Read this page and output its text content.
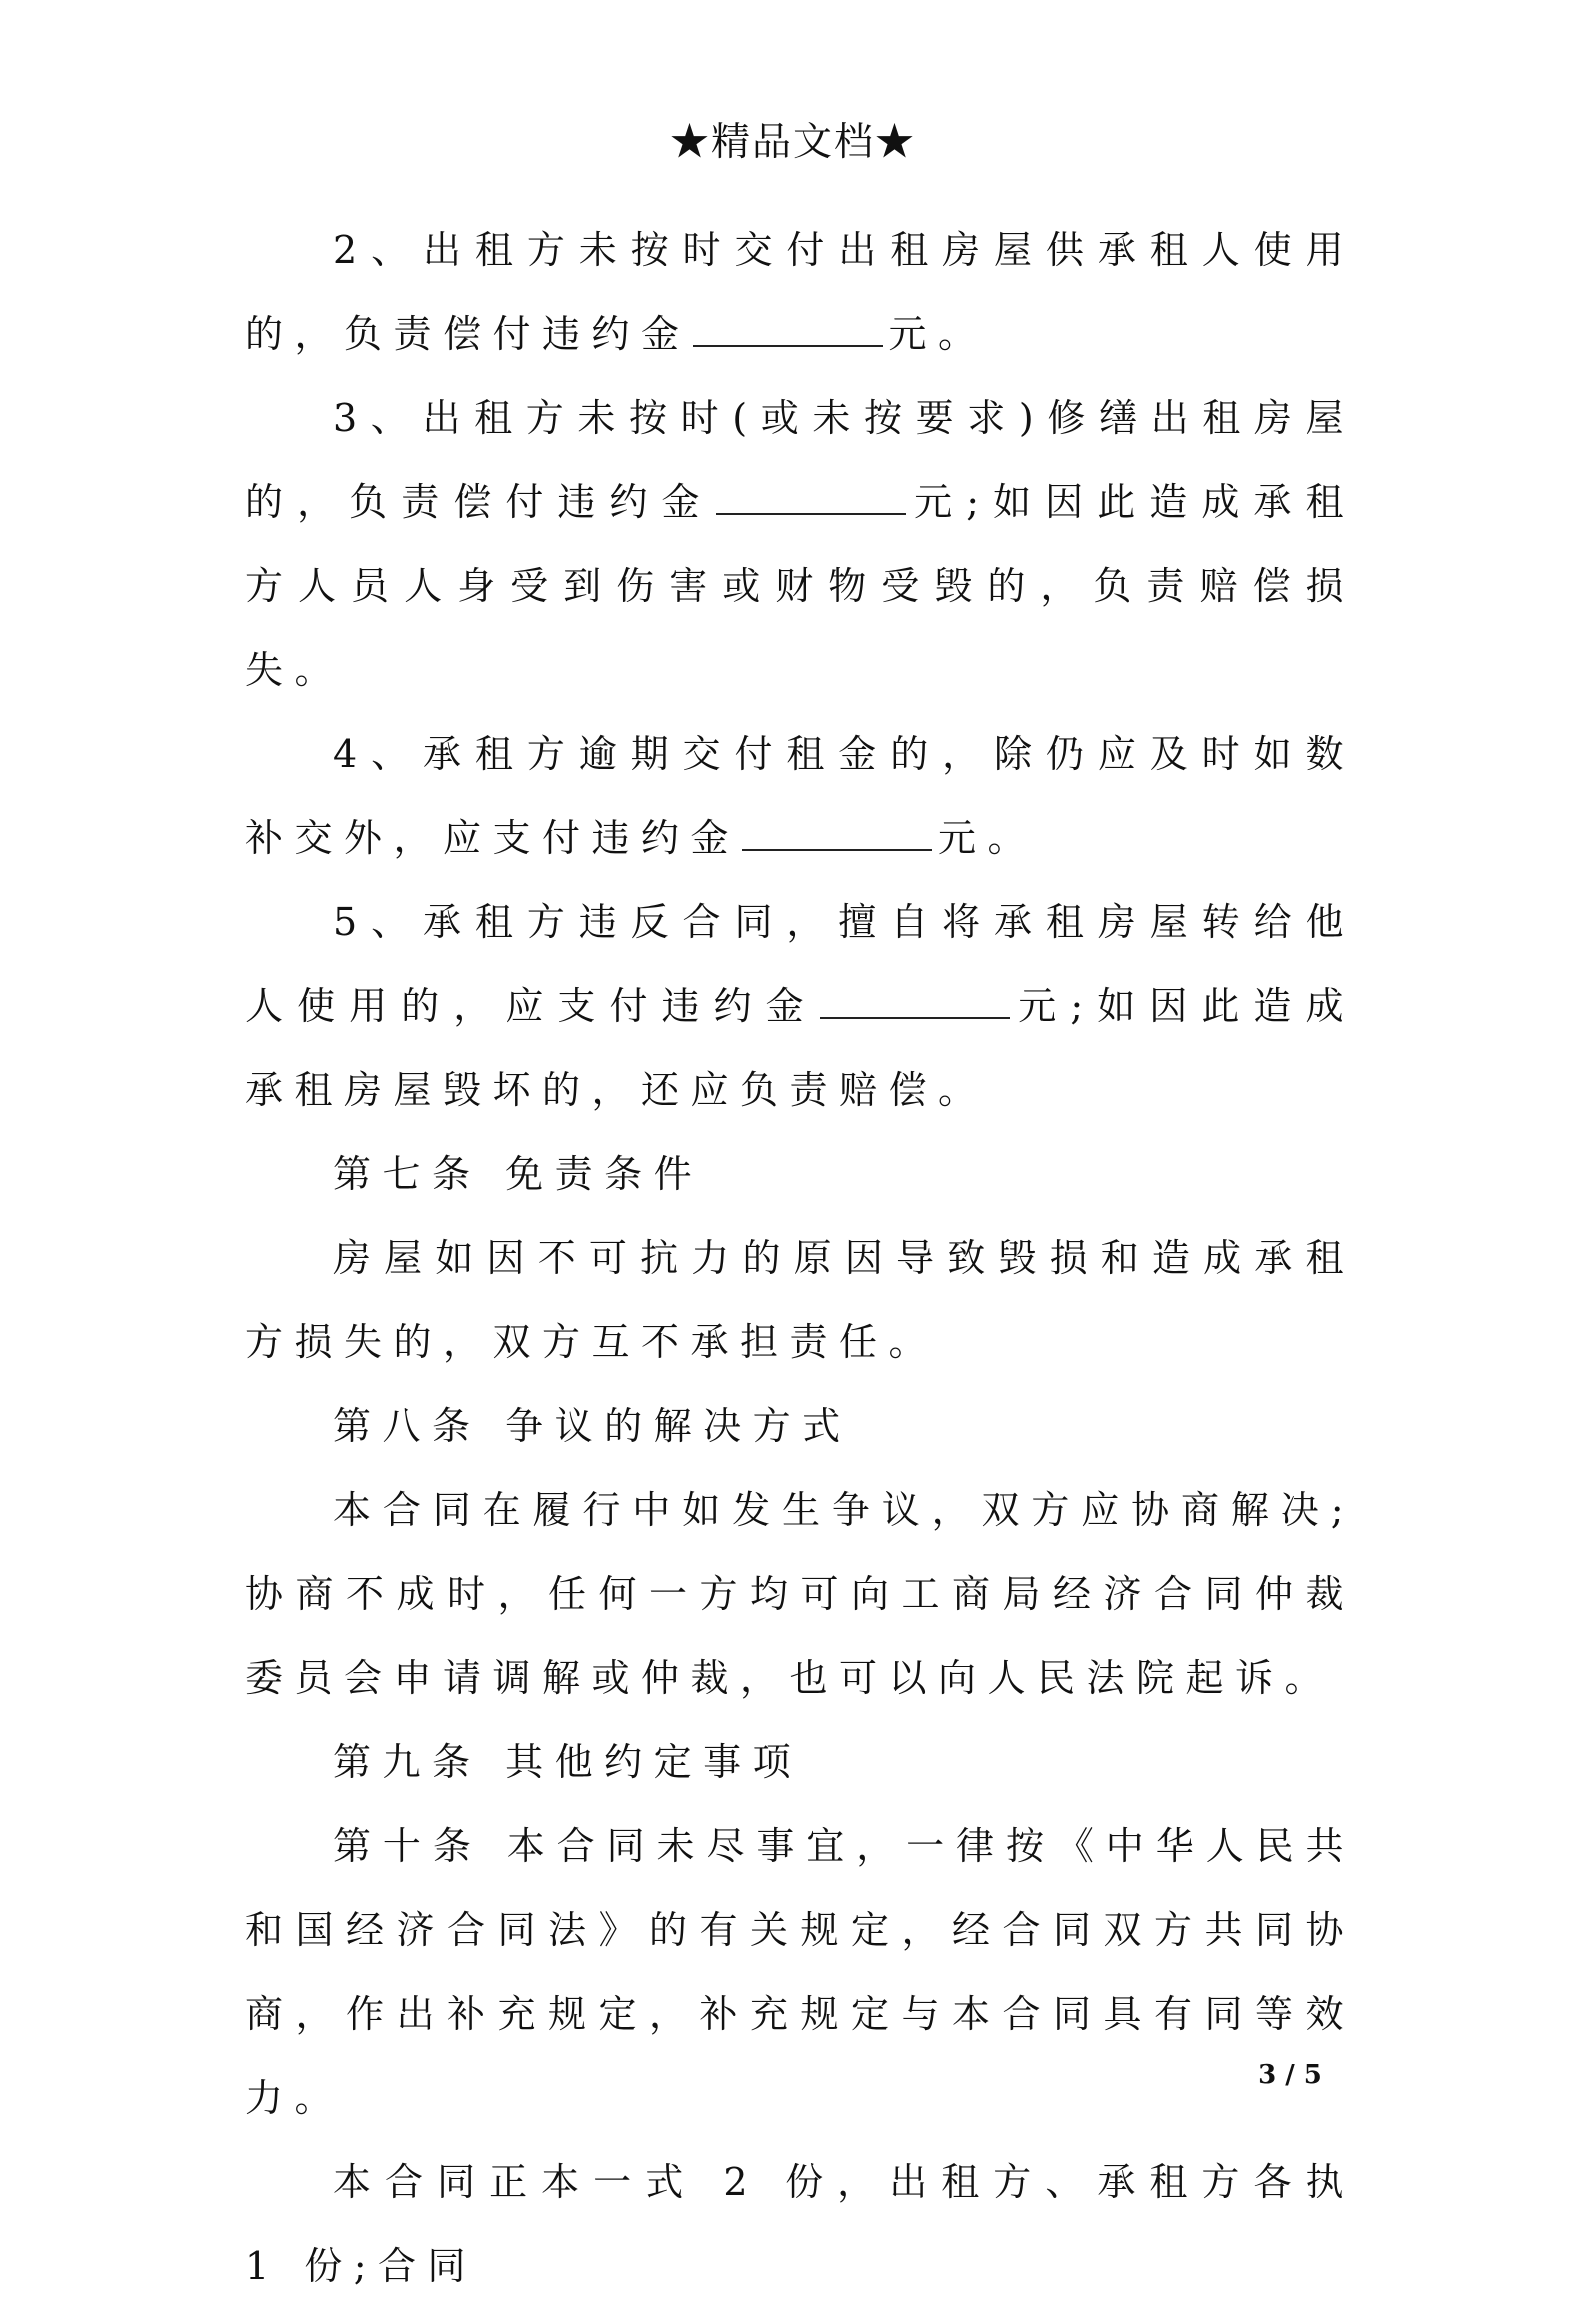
★精品文档★

2、出租方未按时交付出租房屋供承租人使用的，负责偿付违约金	元。

3、出租方未按时(或未按要求)修缮出租房屋的，负责偿付违约金	元;如因此造成承租方人员人身受到伤害或财物受毁的，负责赔偿损失。

4、承租方逾期交付租金的，除仍应及时如数补交外，应支付违约金	元。

5、承租方违反合同，擅自将承租房屋转给他人使用的，应支付违约金	元;如因此造成承租房屋毁坏的，还应负责赔偿。

第七条 免责条件

房屋如因不可抗力的原因导致毁损和造成承租方损失的，双方互不承担责任。

第八条 争议的解决方式

本合同在履行中如发生争议，双方应协商解决;协商不成时，任何一方均可向工商局经济合同仲裁委员会申请调解或仲裁，也可以向人民法院起诉。

第九条 其他约定事项

第十条 本合同未尽事宜，一律按《中华人民共和国经济合同法》的有关规定，经合同双方共同协商，作出补充规定，补充规定与本合同具有同等效力。

本合同正本一式 2 份，出租方、承租方各执 1 份;合同

3 / 5
